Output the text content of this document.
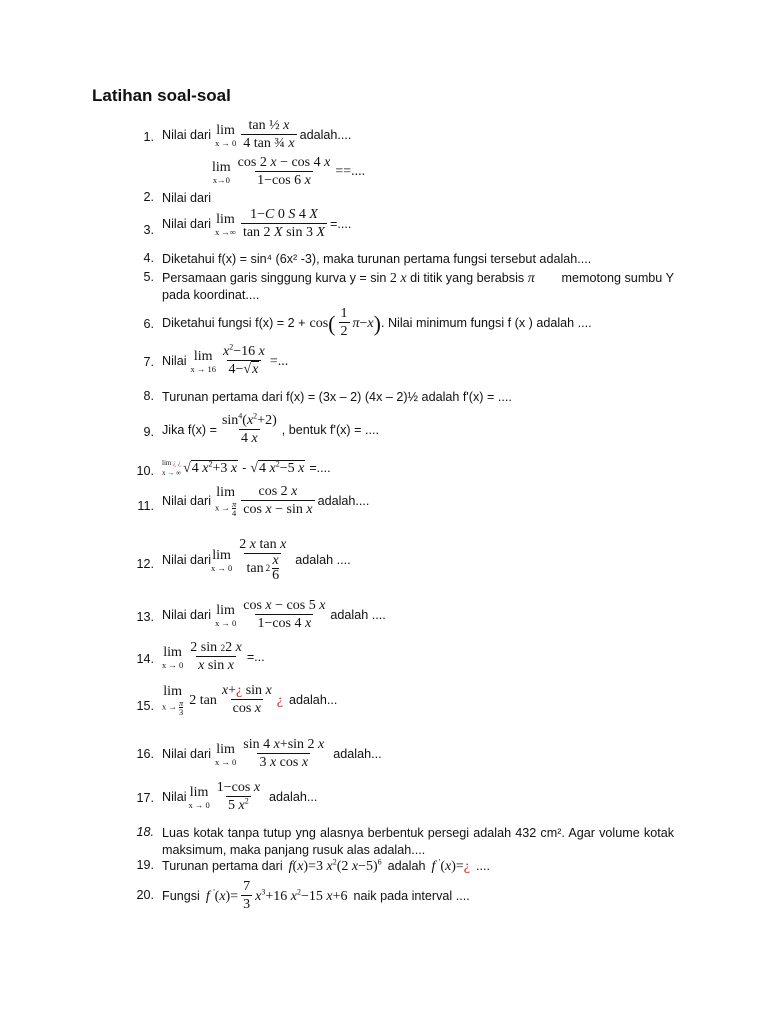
Latihan soal-soal
1. Nilai dari lim
$x \to 0 \frac{\text{tan ½ x}}{\text{4 tan ¾ x}}$ adalah....
lim
$x\to 0 \frac{\cos 2 x - \cos 4 x}{1-\cos 6 x}$ = =....
2. Nilai dari
3. Nilai dari lim
x →∞ $\frac{1-C 0 S 4 X}{\text{tan 2 X sin 3 X}}$ =....
4. Diketahui f(x) = sin⁴ (6x² -3), maka turunan pertama fungsi tersebut adalah....
5. Persamaan garis singgung kurva y = sin 2 x di titik yang berabsis π memotong sumbu Y
pada koordinat....
6. Diketahui fungsi f(x) = 2 + cos ( $\frac{1}{2}$ π −x ) . Nilai minimum fungsi f (x ) adalah ....
7. Nilai lim
$x \to 16 \frac{x^2-16 x}{4-√x}$ =...
8. Turunan pertama dari f(x) = (3x – 2) (4x – 2)½ adalah f'(x) = ....
9. Jika $f(x) = \frac{\sin^4(x^2+2)}{4 x}$ , bentuk f'(x) = ....
10.
lim ¿ ¿
x → ∞ √4 $x^2+3$ x - √4 $x^2-5$ x =....
11. Nilai dari
lim
$x \to \frac{\pi}{4} \frac{\cos 2 x}{\text{cos x − sin x}}$ adalah....
12. Nilai dari lim
x → 0 2 x tan x
tan 2 x
6 adalah ....
13. Nilai dari lim
$x \to 0 \frac{\text{cos x − cos 5 x}}{1-\cos 4 x}$ adalah ....
14. lim
$x \to 0 \frac{2 \sin 22 x}{\text{x sin x}}$ =...
15.
lim
$x \to \frac{\pi}{3} 2$ $\tan \frac{\text{x+¿ sin x}}{\text{cos x}}$ ¿ adalah...
16. Nilai dari lim
$x \to 0 \frac{\sin 4 x+\sin 2 x}{\text{3 x cos x}}$ adalah...
17. Nilai lim
$x \to 0 \frac{\text{1−cos x}}{5 x^2}$ adalah...
18. Luas kotak tanpa tutup yng alasnya berbentuk persegi adalah 432 cm². Agar volume kotak maksimum, maka panjang rusuk alas adalah....
19. Turunan pertama dari f(x)=3 $x^2(2$ x−5)$^6$ adalah f '(x)=¿ ....
20. Fungsi f $'(x)= \frac{7}{3} x^3+16$ $x^2-15$ x+6 naik pada interval ....
